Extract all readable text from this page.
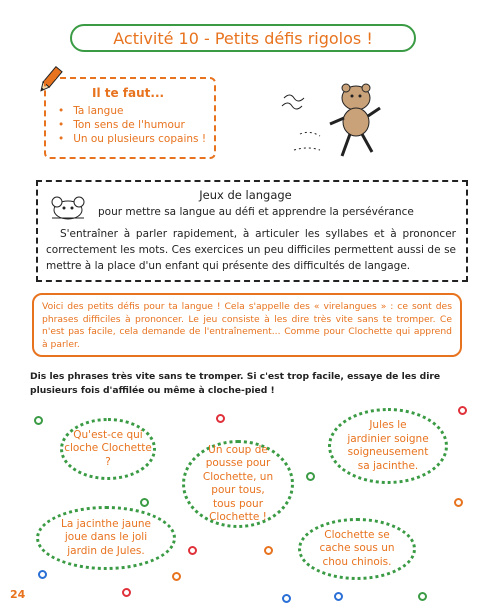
Activité 10 - Petits défis rigolos !
Il te faut...
• Ta langue
• Ton sens de l'humour
• Un ou plusieurs copains !
Jeux de langage
pour mettre sa langue au défi et apprendre la persévérance
S'entraîner à parler rapidement, à articuler les syllabes et à prononcer correctement les mots. Ces exercices un peu difficiles permettent aussi de se mettre à la place d'un enfant qui présente des difficultés de langage.
Voici des petits défis pour ta langue ! Cela s'appelle des « virelangues » : ce sont des phrases difficiles à prononcer. Le jeu consiste à les dire très vite sans te tromper. Ce n'est pas facile, cela demande de l'entraînement... Comme pour Clochette qui apprend à parler.
Dis les phrases très vite sans te tromper. Si c'est trop facile, essaye de les dire plusieurs fois d'affilée ou même à cloche-pied !
Qu'est-ce qui cloche Clochette ?
Un coup de pousse pour Clochette, un pour tous, tous pour Clochette !
Jules le jardinier soigne soigneusement sa jacinthe.
La jacinthe jaune joue dans le joli jardin de Jules.
Clochette se cache sous un chou chinois.
24
